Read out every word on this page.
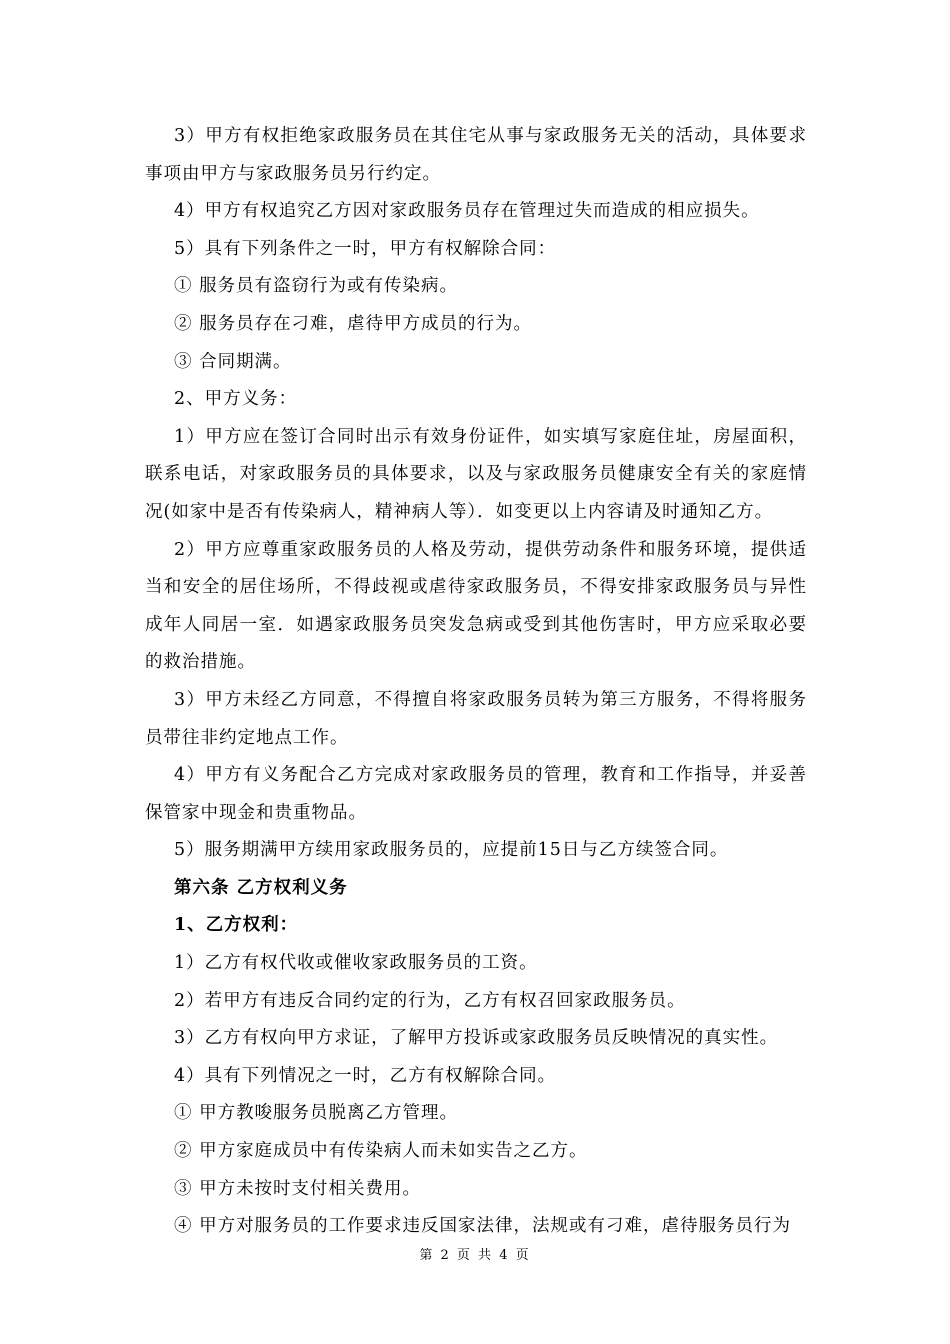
3）甲方有权拒绝家政服务员在其住宅从事与家政服务无关的活动，具体要求事项由甲方与家政服务员另行约定。

4）甲方有权追究乙方因对家政服务员存在管理过失而造成的相应损失。

5）具有下列条件之一时，甲方有权解除合同：

① 服务员有盗窃行为或有传染病。

② 服务员存在刁难，虐待甲方成员的行为。

③ 合同期满。

2、甲方义务：

1）甲方应在签订合同时出示有效身份证件，如实填写家庭住址，房屋面积，联系电话，对家政服务员的具体要求，以及与家政服务员健康安全有关的家庭情况(如家中是否有传染病人，精神病人等）．如变更以上内容请及时通知乙方。

2）甲方应尊重家政服务员的人格及劳动，提供劳动条件和服务环境，提供适当和安全的居住场所，不得歧视或虐待家政服务员，不得安排家政服务员与异性成年人同居一室．如遇家政服务员突发急病或受到其他伤害时，甲方应采取必要的救治措施。

3）甲方未经乙方同意，不得擅自将家政服务员转为第三方服务，不得将服务员带往非约定地点工作。

4）甲方有义务配合乙方完成对家政服务员的管理，教育和工作指导，并妥善保管家中现金和贵重物品。

5）服务期满甲方续用家政服务员的，应提前15日与乙方续签合同。

第六条 乙方权利义务

1、乙方权利：

1）乙方有权代收或催收家政服务员的工资。

2）若甲方有违反合同约定的行为，乙方有权召回家政服务员。

3）乙方有权向甲方求证，了解甲方投诉或家政服务员反映情况的真实性。

4）具有下列情况之一时，乙方有权解除合同。

① 甲方教唆服务员脱离乙方管理。

② 甲方家庭成员中有传染病人而未如实告之乙方。

③ 甲方未按时支付相关费用。

④ 甲方对服务员的工作要求违反国家法律，法规或有刁难，虐待服务员行为

第 2 页 共 4 页
